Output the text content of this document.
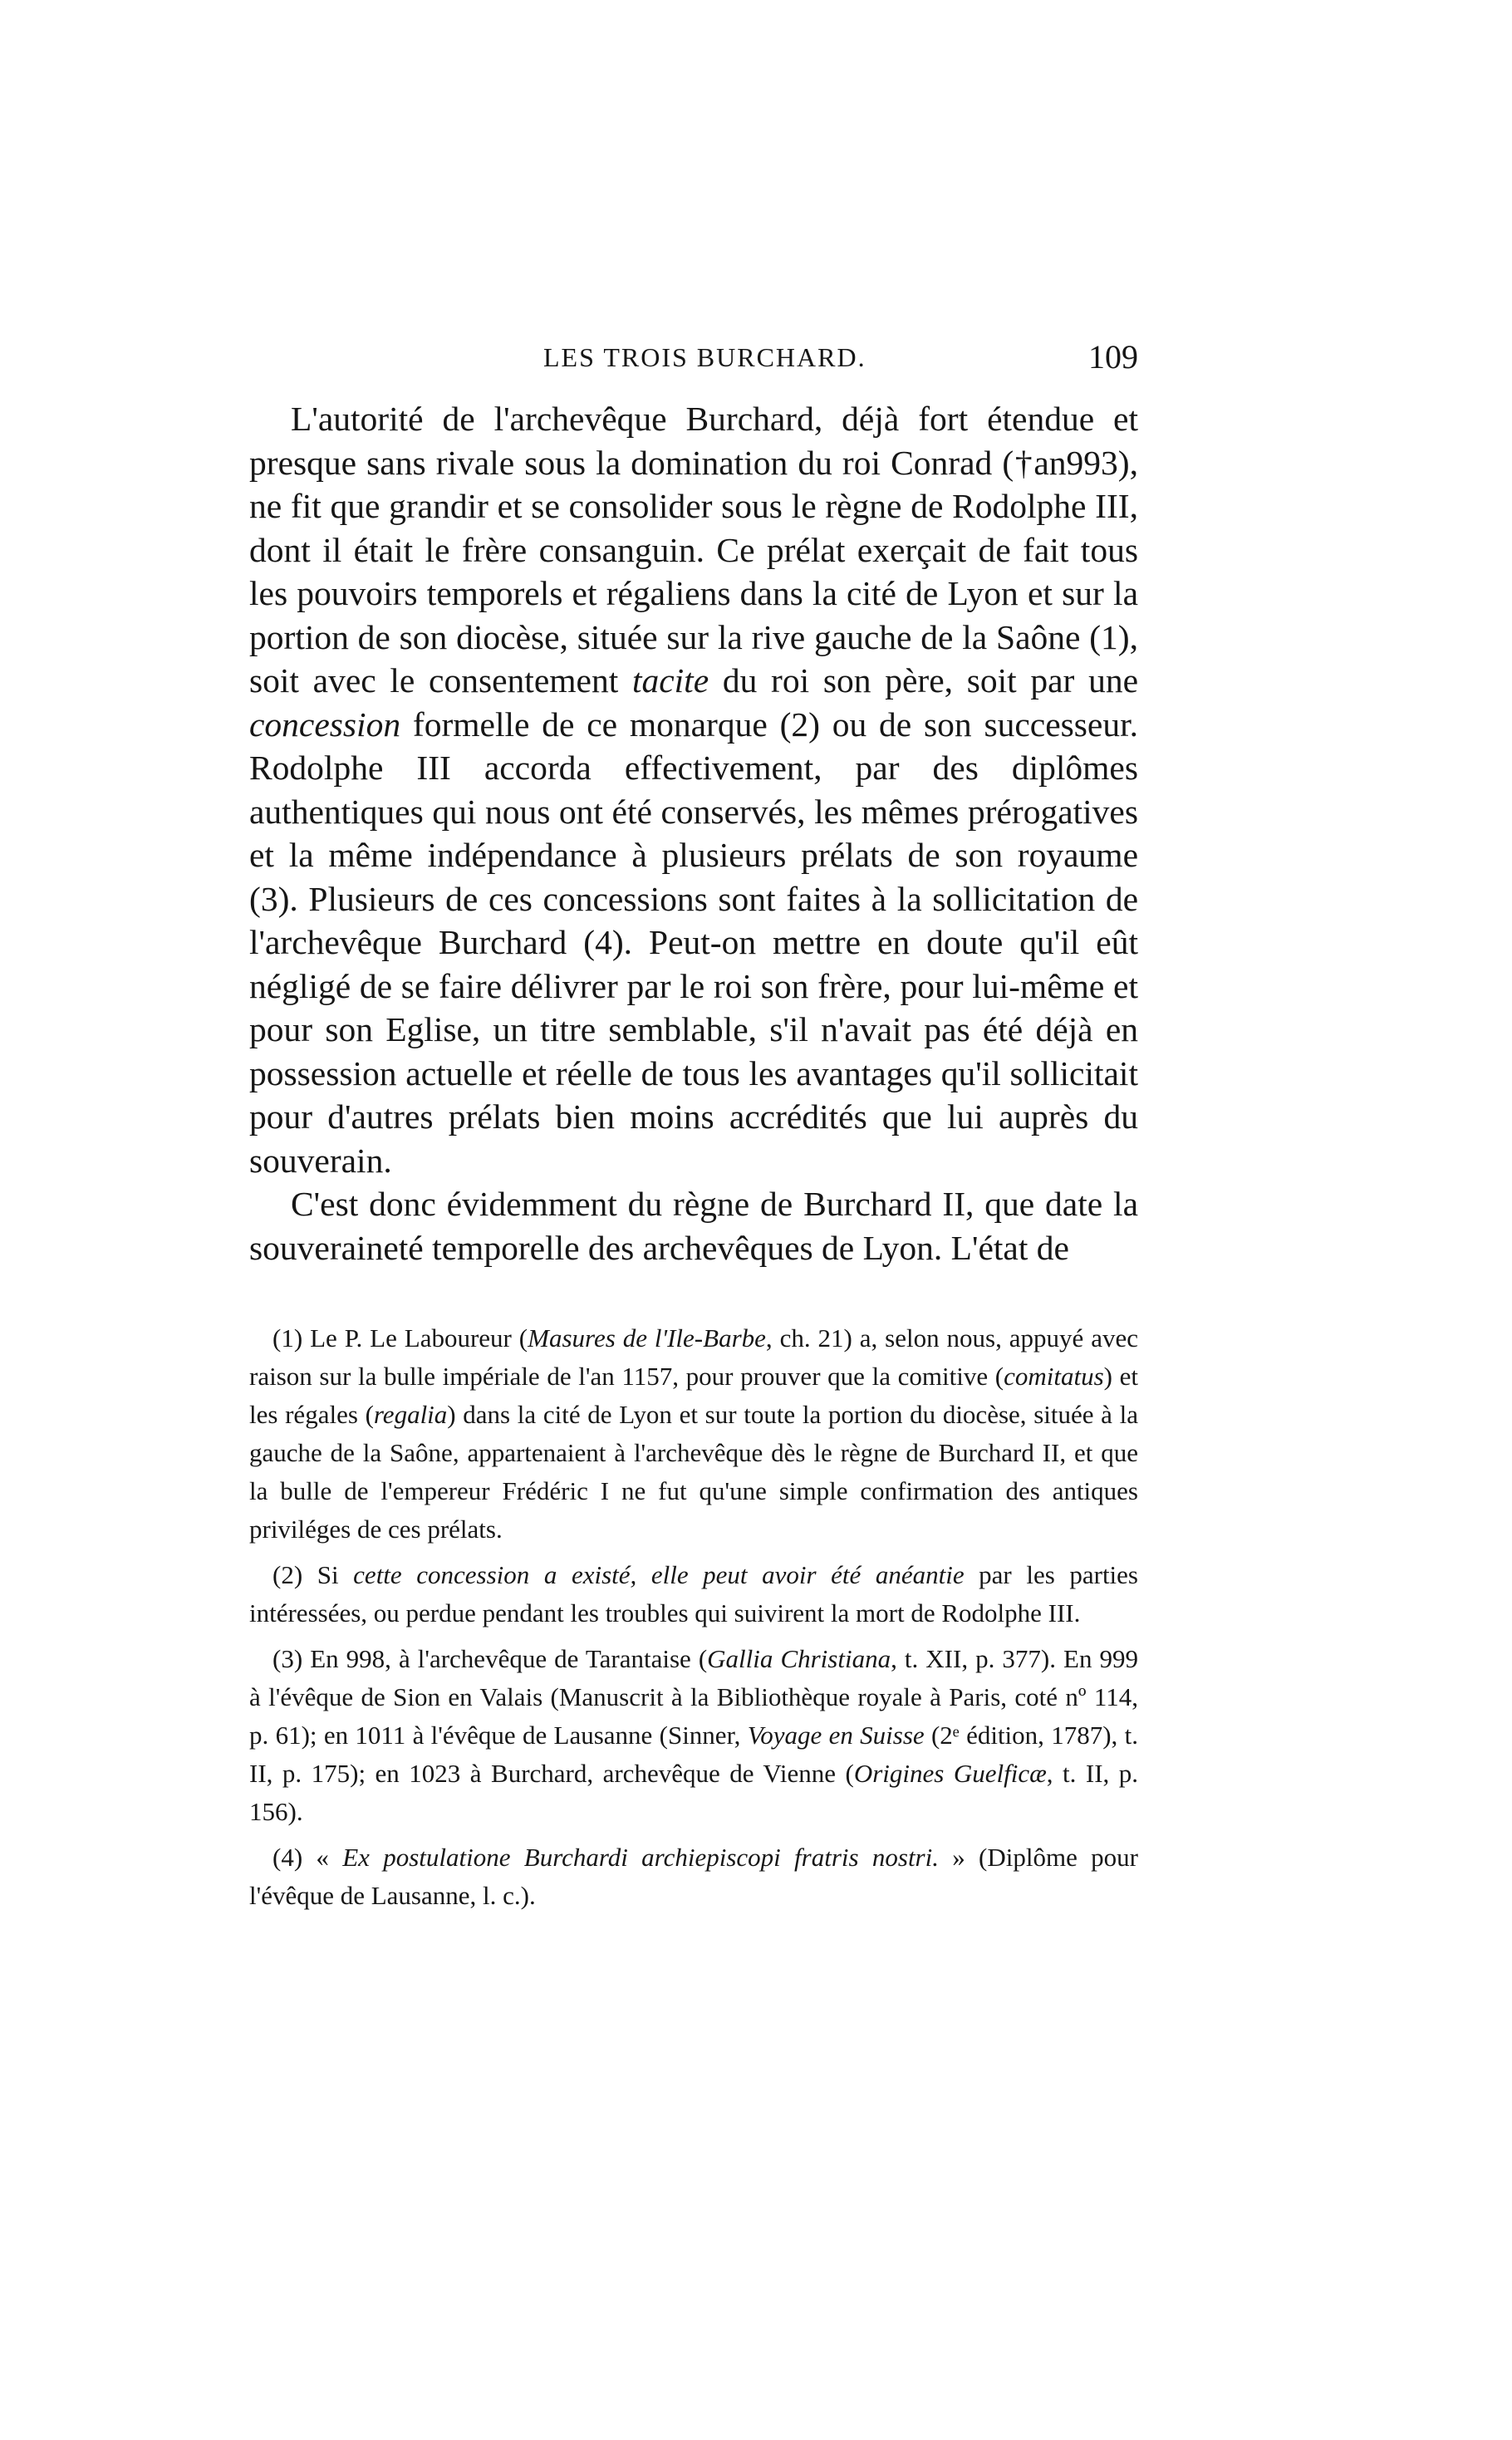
LES TROIS BURCHARD.	109

L'autorité de l'archevêque Burchard, déjà fort étendue et presque sans rivale sous la domination du roi Conrad (†an993), ne fit que grandir et se consolider sous le règne de Rodolphe III, dont il était le frère consanguin. Ce prélat exerçait de fait tous les pouvoirs temporels et régaliens dans la cité de Lyon et sur la portion de son diocèse, située sur la rive gauche de la Saône (1), soit avec le consentement tacite du roi son père, soit par une concession formelle de ce monarque (2) ou de son successeur. Rodolphe III accorda effectivement, par des diplômes authentiques qui nous ont été conservés, les mêmes prérogatives et la même indépendance à plusieurs prélats de son royaume (3). Plusieurs de ces concessions sont faites à la sollicitation de l'archevêque Burchard (4). Peut-on mettre en doute qu'il eût négligé de se faire délivrer par le roi son frère, pour lui-même et pour son Eglise, un titre semblable, s'il n'avait pas été déjà en possession actuelle et réelle de tous les avantages qu'il sollicitait pour d'autres prélats bien moins accrédités que lui auprès du souverain.

C'est donc évidemment du règne de Burchard II, que date la souveraineté temporelle des archevêques de Lyon. L'état de

(1) Le P. Le Laboureur (Masures de l'Ile-Barbe, ch. 21) a, selon nous, appuyé avec raison sur la bulle impériale de l'an 1157, pour prouver que la comitive (comitatus) et les régales (regalia) dans la cité de Lyon et sur toute la portion du diocèse, située à la gauche de la Saône, appartenaient à l'archevêque dès le règne de Burchard II, et que la bulle de l'empereur Frédéric I ne fut qu'une simple confirmation des antiques priviléges de ces prélats.

(2) Si cette concession a existé, elle peut avoir été anéantie par les parties intéressées, ou perdue pendant les troubles qui suivirent la mort de Rodolphe III.

(3) En 998, à l'archevêque de Tarantaise (Gallia Christiana, t. XII, p. 377). En 999 à l'évêque de Sion en Valais (Manuscrit à la Bibliothèque royale à Paris, coté nº 114, p. 61); en 1011 à l'évêque de Lausanne (Sinner, Voyage en Suisse (2ᵉ édition, 1787), t. II, p. 175); en 1023 à Burchard, archevêque de Vienne (Origines Guelficæ, t. II, p. 156).

(4) « Ex postulatione Burchardi archiepiscopi fratris nostri. » (Diplôme pour l'évêque de Lausanne, l. c.).
